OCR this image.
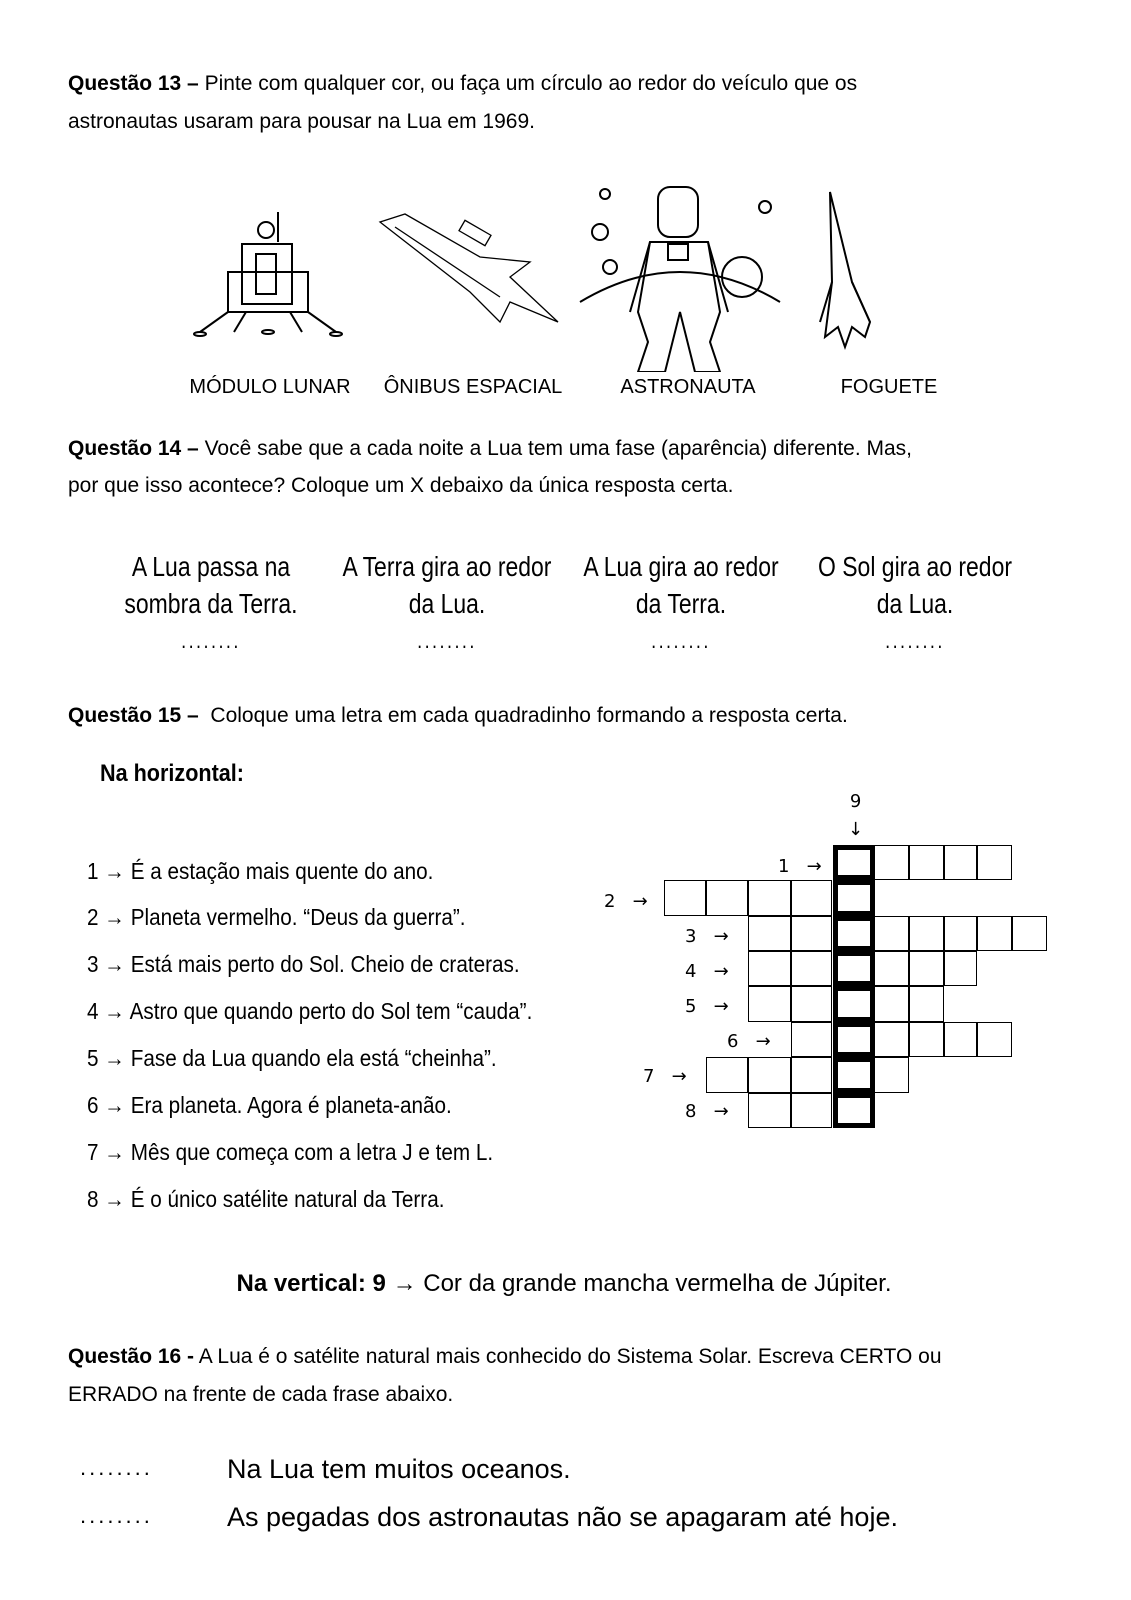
Questão 13 – Pinte com qualquer cor, ou faça um círculo ao redor do veículo que os
astronautas usaram para pousar na Lua em 1969.
MÓDULO LUNAR ÔNIBUS ESPACIAL	ASTRONAUTA	FOGUETE
Questão 14 – Você sabe que a cada noite a Lua tem uma fase (aparência) diferente. Mas,
por que isso acontece? Coloque um X debaixo da única resposta certa.
A Lua passa na
sombra da Terra.
........
A Terra gira ao redor
da Lua.
........
A Lua gira ao redor
da Terra.
........
O Sol gira ao redor
da Lua.
........
Questão 15 – Coloque uma letra em cada quadradinho formando a resposta certa.
Na horizontal:
1 → É a estação mais quente do ano.
2 → Planeta vermelho. “Deus da guerra”.
3 → Está mais perto do Sol. Cheio de crateras.
4 → Astro que quando perto do Sol tem “cauda”.
5 → Fase da Lua quando ela está “cheinha”.
6 → Era planeta. Agora é planeta-anão.
7 → Mês que começa com a letra J e tem L.
8 → É o único satélite natural da Terra.
1   →
2   →
3   →
4   →
5   →
6   →
7   →
8   →
9
↓
Na vertical: 9 → Cor da grande mancha vermelha de Júpiter.
Questão 16 - A Lua é o satélite natural mais conhecido do Sistema Solar. Escreva CERTO ou
ERRADO na frente de cada frase abaixo.
........	Na Lua tem muitos oceanos.
........	As pegadas dos astronautas não se apagaram até hoje.
